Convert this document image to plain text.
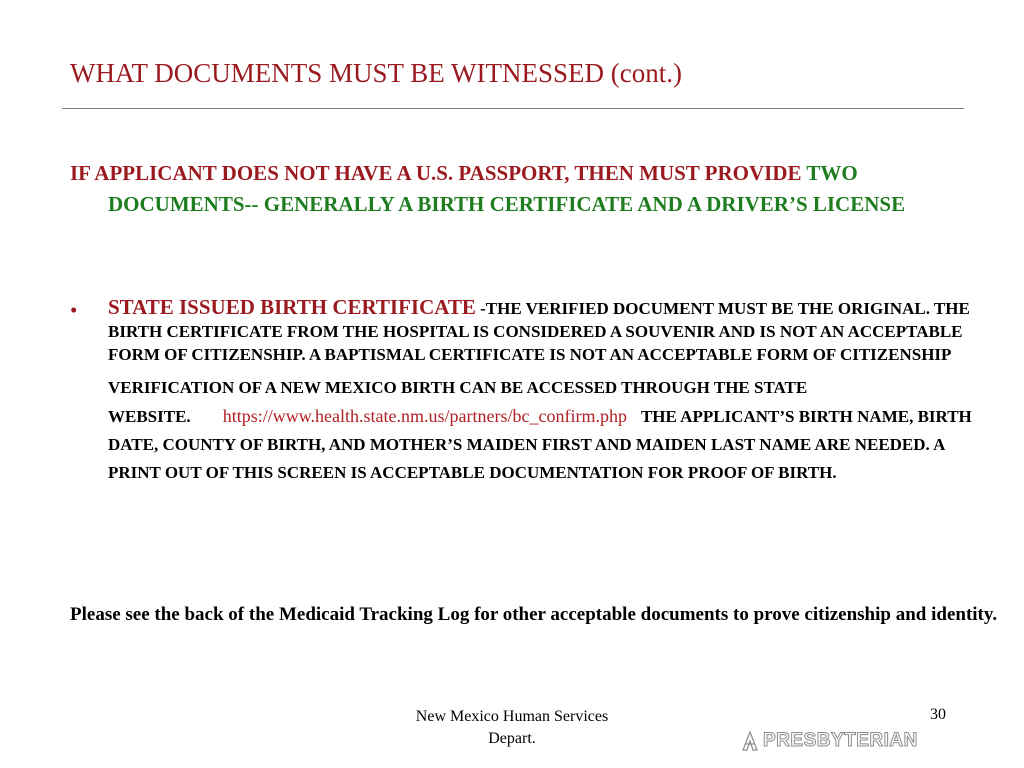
WHAT DOCUMENTS MUST BE WITNESSED (cont.)
IF APPLICANT DOES NOT HAVE A U.S. PASSPORT, THEN MUST PROVIDE TWO DOCUMENTS-- GENERALLY A BIRTH CERTIFICATE AND A DRIVER’S LICENSE
• STATE ISSUED BIRTH CERTIFICATE -THE VERIFIED DOCUMENT MUST BE THE ORIGINAL. THE BIRTH CERTIFICATE FROM THE HOSPITAL IS CONSIDERED A SOUVENIR AND IS NOT AN ACCEPTABLE FORM OF CITIZENSHIP. A BAPTISMAL CERTIFICATE IS NOT AN ACCEPTABLE FORM OF CITIZENSHIP
VERIFICATION OF A NEW MEXICO BIRTH CAN BE ACCESSED THROUGH THE STATE WEBSITE. https://www.health.state.nm.us/partners/bc_confirm.php THE APPLICANT’S BIRTH NAME, BIRTH DATE, COUNTY OF BIRTH, AND MOTHER’S MAIDEN FIRST AND MAIDEN LAST NAME ARE NEEDED. A PRINT OUT OF THIS SCREEN IS ACCEPTABLE DOCUMENTATION FOR PROOF OF BIRTH.
Please see the back of the Medicaid Tracking Log for other acceptable documents to prove citizenship and identity.
New Mexico Human Services
Depart.
30
PRESBYTERIAN
